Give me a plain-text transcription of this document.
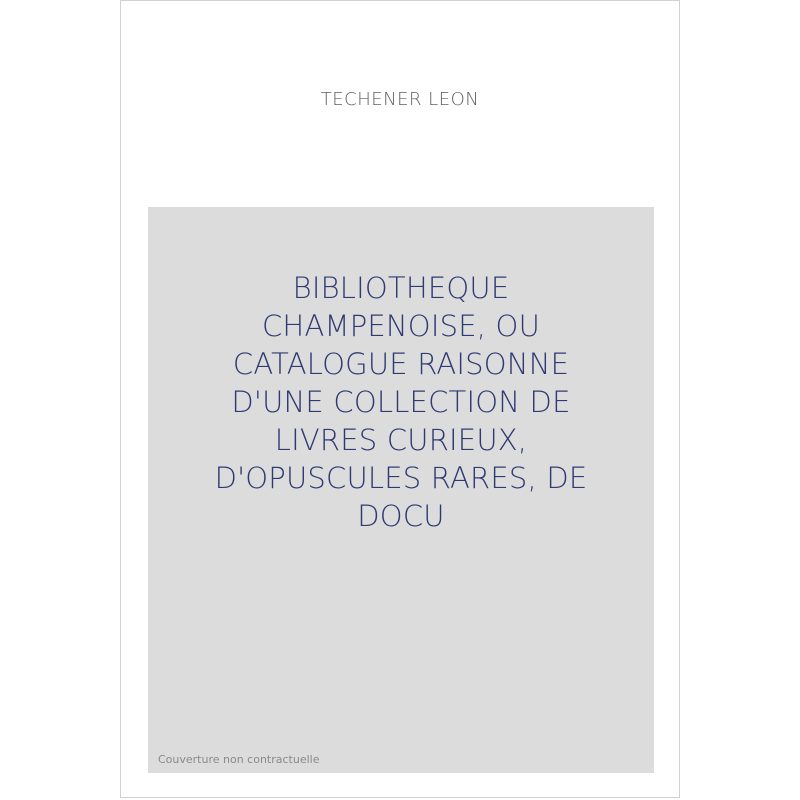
TECHENER LEON
BIBLIOTHEQUE
CHAMPENOISE, OU
CATALOGUE RAISONNE
D'UNE COLLECTION DE
LIVRES CURIEUX,
D'OPUSCULES RARES, DE
DOCU
Couverture non contractuelle
